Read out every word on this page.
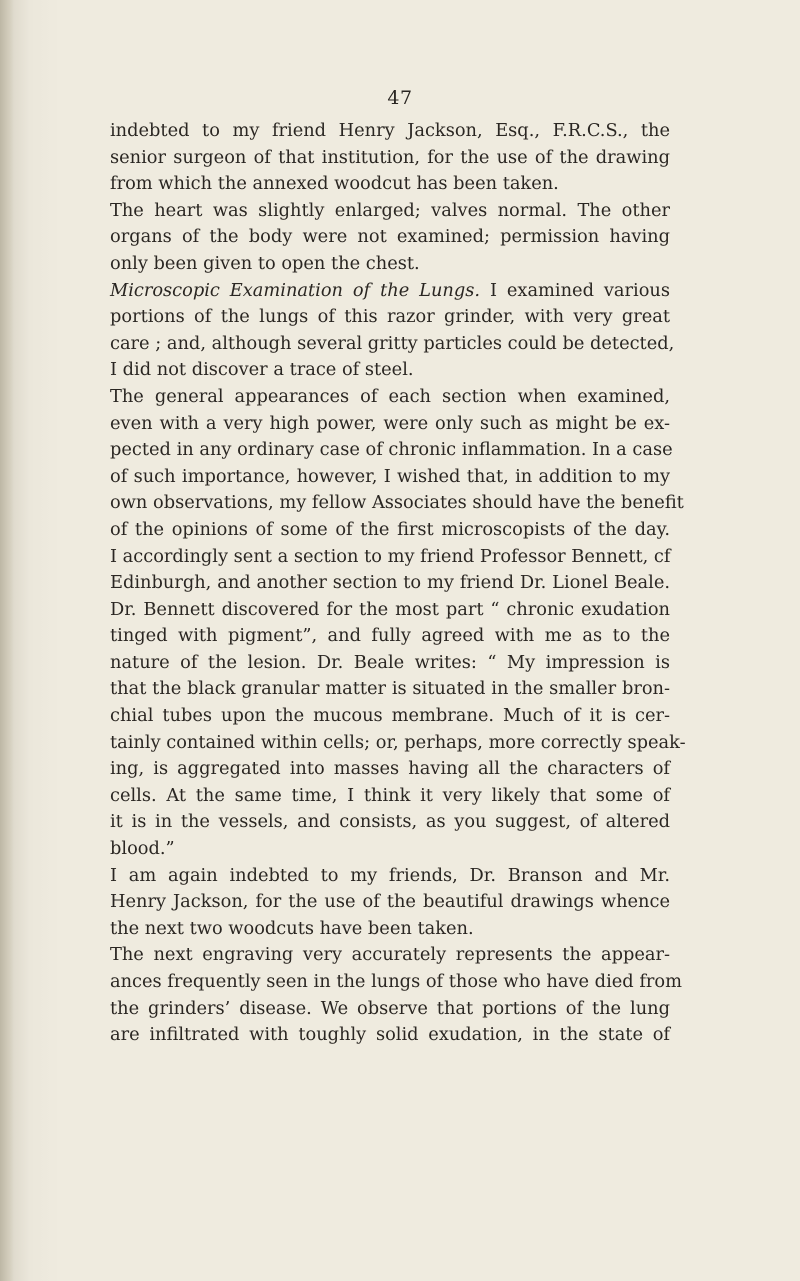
47
indebted to my friend Henry Jackson, Esq., F.R.C.S., the
senior surgeon of that institution, for the use of the drawing
from which the annexed woodcut has been taken.
The heart was slightly enlarged; valves normal. The other
organs of the body were not examined; permission having
only been given to open the chest.
Microscopic Examination of the Lungs. I examined various
portions of the lungs of this razor grinder, with very great
care ; and, although several gritty particles could be detected,
I did not discover a trace of steel.
The general appearances of each section when examined,
even with a very high power, were only such as might be ex-
pected in any ordinary case of chronic inflammation. In a case
of such importance, however, I wished that, in addition to my
own observations, my fellow Associates should have the benefit
of the opinions of some of the first microscopists of the day.
I accordingly sent a section to my friend Professor Bennett, cf
Edinburgh, and another section to my friend Dr. Lionel Beale.
Dr. Bennett discovered for the most part “ chronic exudation
tinged with pigment”, and fully agreed with me as to the
nature of the lesion. Dr. Beale writes: “ My impression is
that the black granular matter is situated in the smaller bron-
chial tubes upon the mucous membrane. Much of it is cer-
tainly contained within cells; or, perhaps, more correctly speak-
ing, is aggregated into masses having all the characters of
cells. At the same time, I think it very likely that some of
it is in the vessels, and consists, as you suggest, of altered
blood.”
I am again indebted to my friends, Dr. Branson and Mr.
Henry Jackson, for the use of the beautiful drawings whence
the next two woodcuts have been taken.
The next engraving very accurately represents the appear-
ances frequently seen in the lungs of those who have died from
the grinders’ disease. We observe that portions of the lung
are infiltrated with toughly solid exudation, in the state of
